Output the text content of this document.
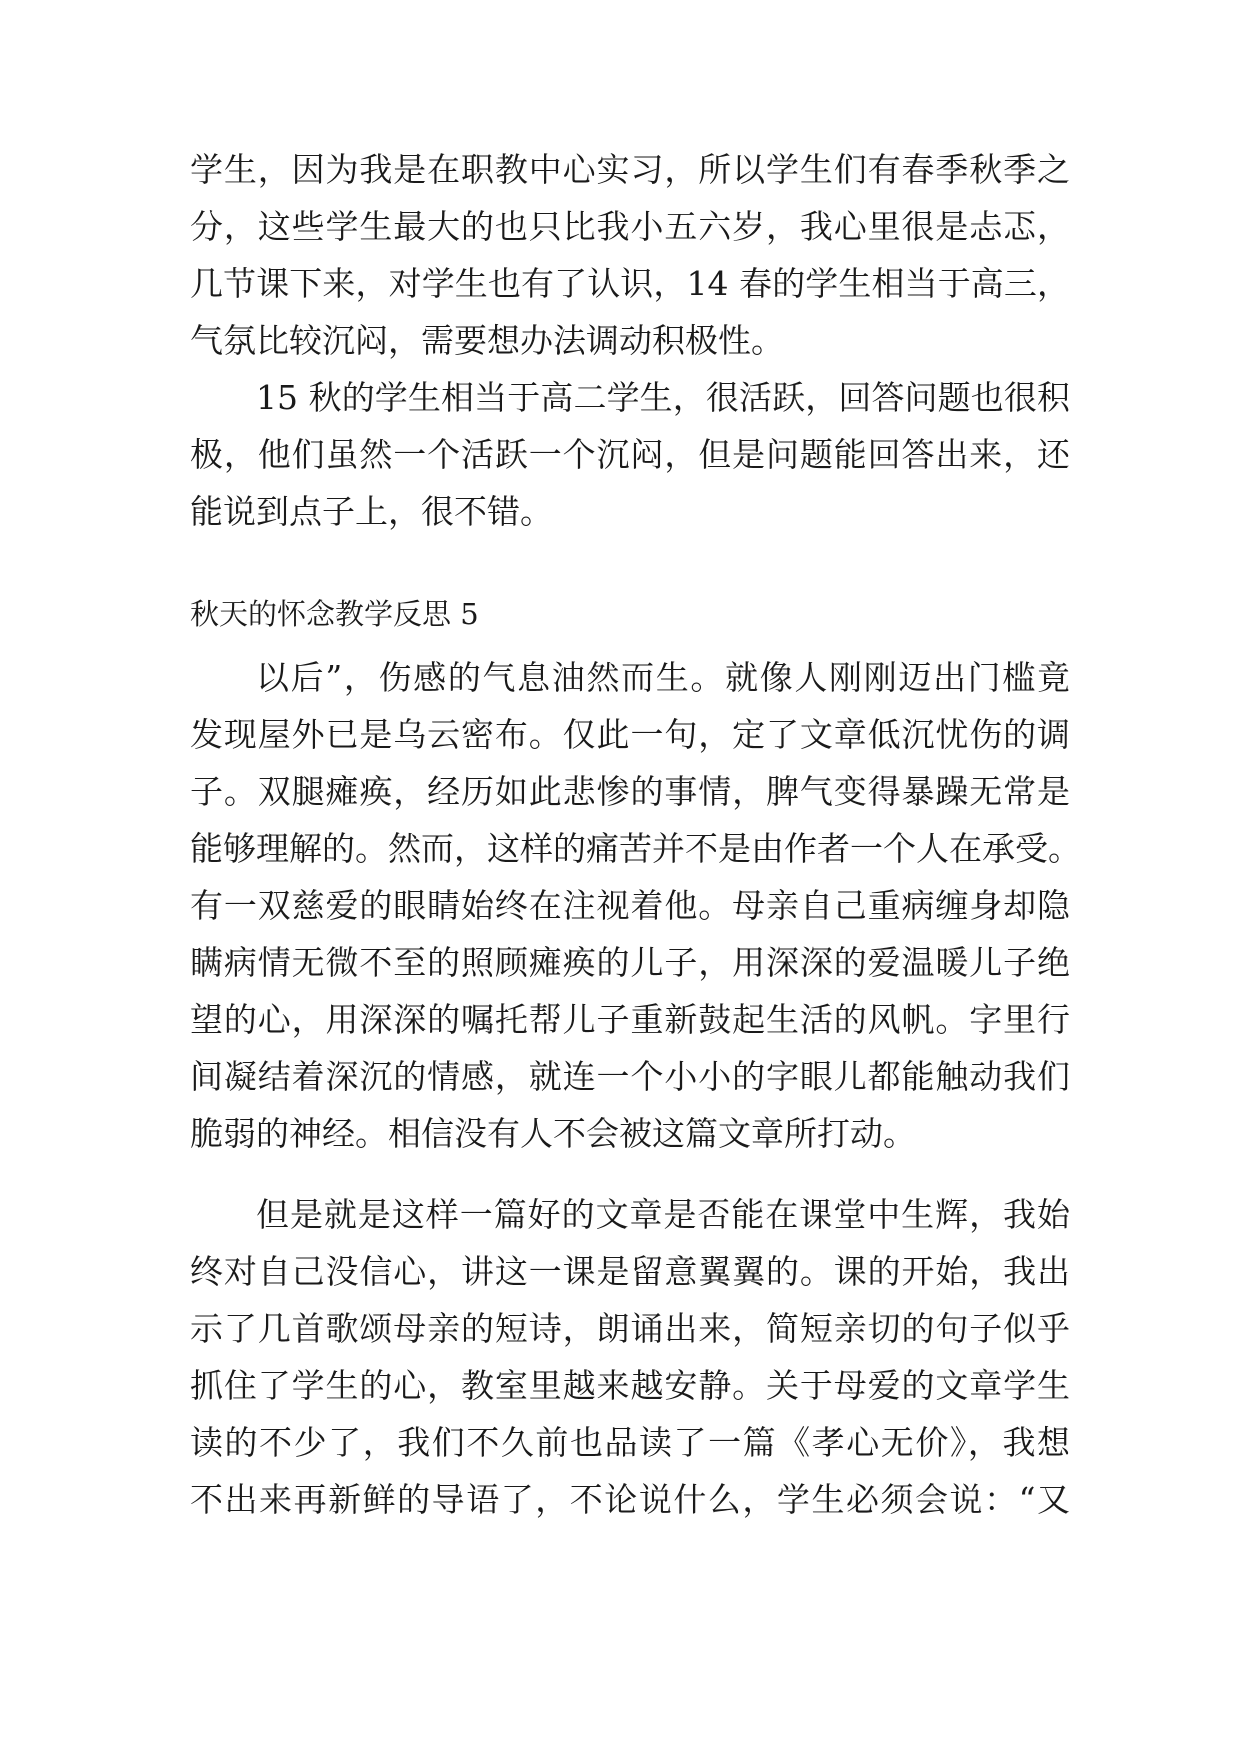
学生，因为我是在职教中心实习，所以学生们有春季秋季之
分，这些学生最大的也只比我小五六岁，我心里很是忐忑，
几节课下来，对学生也有了认识，14 春的学生相当于高三，
气氛比较沉闷，需要想办法调动积极性。
15 秋的学生相当于高二学生，很活跃，回答问题也很积
极，他们虽然一个活跃一个沉闷，但是问题能回答出来，还
能说到点子上，很不错。
秋天的怀念教学反思 5
以后”，伤感的气息油然而生。就像人刚刚迈出门槛竟
发现屋外已是乌云密布。仅此一句，定了文章低沉忧伤的调
子。双腿瘫痪，经历如此悲惨的事情，脾气变得暴躁无常是
能够理解的。然而，这样的痛苦并不是由作者一个人在承受。
有一双慈爱的眼睛始终在注视着他。母亲自己重病缠身却隐
瞒病情无微不至的照顾瘫痪的儿子，用深深的爱温暖儿子绝
望的心，用深深的嘱托帮儿子重新鼓起生活的风帆。字里行
间凝结着深沉的情感，就连一个小小的字眼儿都能触动我们
脆弱的神经。相信没有人不会被这篇文章所打动。
但是就是这样一篇好的文章是否能在课堂中生辉，我始
终对自己没信心，讲这一课是留意翼翼的。课的开始，我出
示了几首歌颂母亲的短诗，朗诵出来，简短亲切的句子似乎
抓住了学生的心，教室里越来越安静。关于母爱的文章学生
读的不少了，我们不久前也品读了一篇《孝心无价》，我想
不出来再新鲜的导语了，不论说什么，学生必须会说：“又
